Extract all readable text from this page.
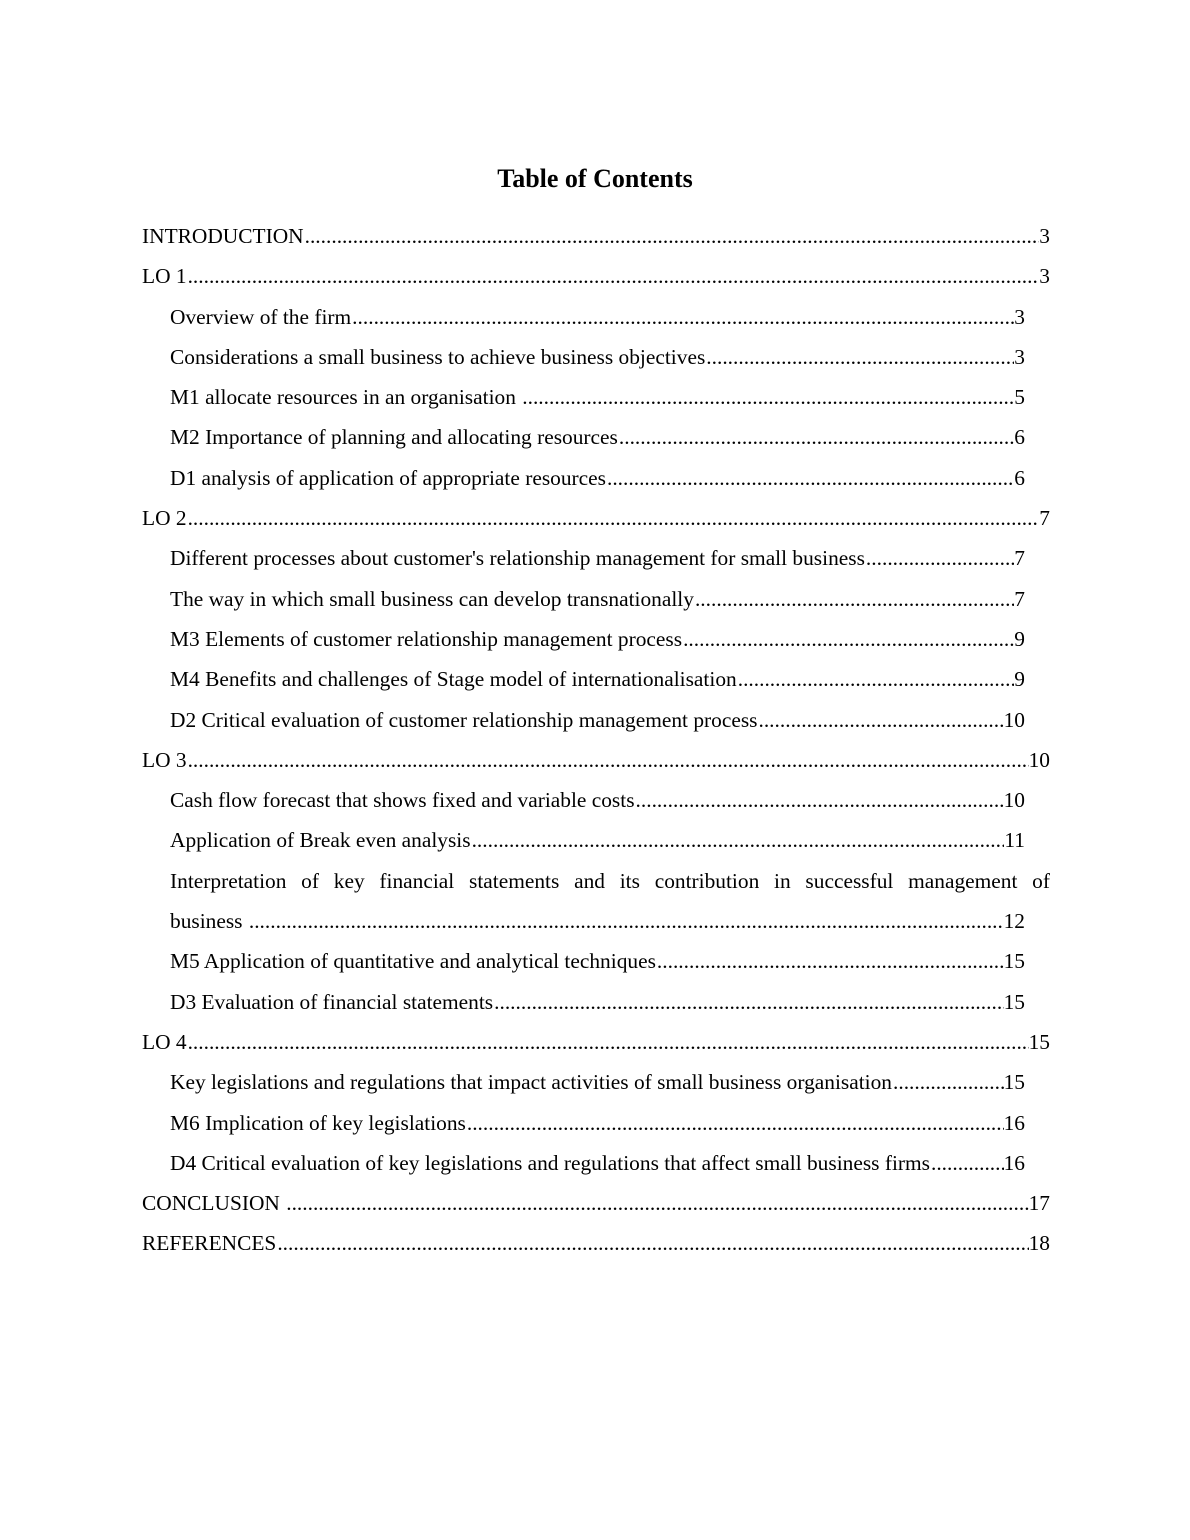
Table of Contents
INTRODUCTION .....	3
LO 1 .....	3
Overview of the firm .....	3
Considerations a small business to achieve business objectives .....	3
M1 allocate resources in an organisation .....	5
M2 Importance of planning and allocating resources .....	6
D1 analysis of application of appropriate resources .....	6
LO 2 .....	7
Different processes about customer's relationship management for small business .....	7
The way in which small business can develop transnationally .....	7
M3 Elements of customer relationship management process .....	9
M4 Benefits and challenges of Stage model of internationalisation .....	9
D2 Critical evaluation of customer relationship management process .....	10
LO 3 .....	10
Cash flow forecast that shows fixed and variable costs .....	10
Application of Break even analysis .....	11
Interpretation of key financial statements and its contribution in successful management of
business .....	12
M5 Application of quantitative and analytical techniques .....	15
D3 Evaluation of financial statements .....	15
LO 4 .....	15
Key legislations and regulations that impact activities of small business organisation .....	15
M6 Implication of key legislations .....	16
D4 Critical evaluation of key legislations and regulations that affect small business firms .....	16
CONCLUSION .....	17
REFERENCES .....	18
